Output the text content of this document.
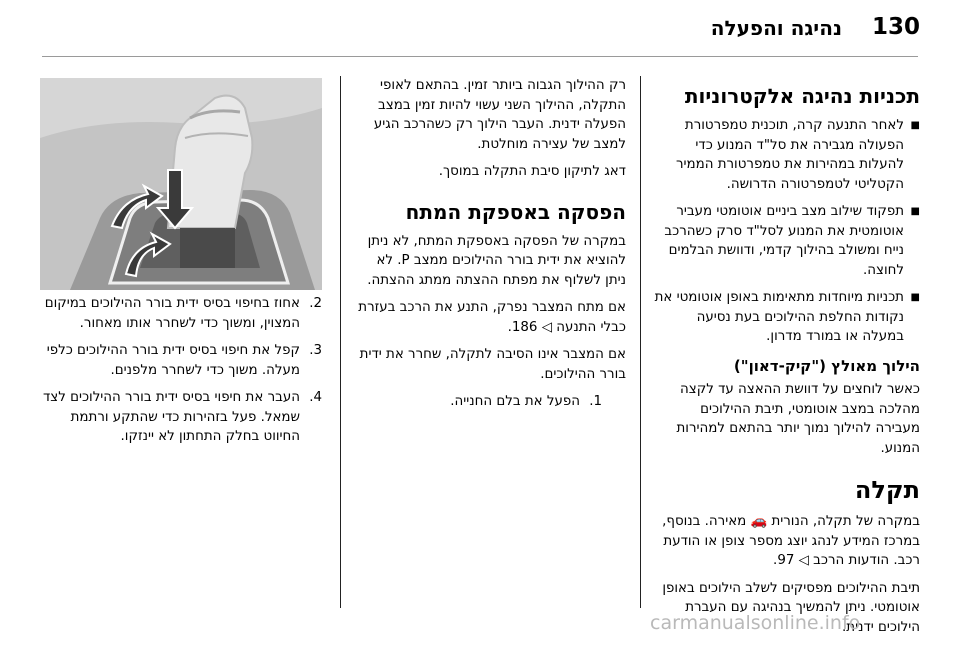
130
נהיגה והפעלה
תכניות נהיגה אלקטרוניות
■ לאחר התנעה קרה, תוכנית טמפרטורת הפעולה מגבירה את סל"ד המנוע כדי להעלות במהירות את טמפרטורת הממיר הקטליטי לטמפרטורה הדרושה.
■ תפקוד שילוב מצב ביניים אוטומטי מעביר אוטומטית את המנוע לסל"ד סרק כשהרכב נייח ומשולב בהילוך קדמי, ודוושת הבלמים לחוצה.
■ תכניות מיוחדות מתאימות באופן אוטומטי את נקודות החלפת ההילוכים בעת נסיעה במעלה או במורד מדרון.
הילוך מאולץ ("קיק-דאון")

כאשר לוחצים על דוושת ההאצה עד לקצה מהלכה במצב אוטומטי, תיבת ההילוכים מעבירה להילוך נמוך יותר בהתאם למהירות המנוע.

תקלה

במקרה של תקלה, הנורית 🚗 מאירה. בנוסף, במרכז המידע לנהג יוצג מספר צופן או הודעת רכב. הודעות הרכב ◁ 97.

תיבת ההילוכים מפסיקים לשלב הילוכים באופן אוטומטי. ניתן להמשיך בנהיגה עם העברת הילוכים ידנית.

רק ההילוך הגבוה ביותר זמין. בהתאם לאופי התקלה, ההילוך השני עשוי להיות זמין במצב הפעלה ידנית. העבר הילוך רק כשהרכב הגיע למצב של עצירה מוחלטת.

דאג לתיקון סיבת התקלה במוסך.

הפסקה באספקת המתח

במקרה של הפסקה באספקת המתח, לא ניתן להוציא את ידית בורר ההילוכים ממצב P. לא ניתן לשלוף את מפתח ההצתה ממתג ההצתה.

אם מתח המצבר נפרק, התנע את הרכב בעזרת כבלי התנעה ◁ 186.

אם המצבר אינו הסיבה לתקלה, שחרר את ידית בורר ההילוכים.

1.
הפעל את בלם החנייה.
2.
אחוז בחיפוי בסיס ידית בורר ההילוכים במיקום המצוין, ומשוך כדי לשחרר אותו מאחור.
3.
קפל את חיפוי בסיס ידית בורר ההילוכים כלפי מעלה. משוך כדי לשחרר מלפנים.
4.
העבר את חיפוי בסיס ידית בורר ההילוכים לצד שמאל. פעל בזהירות כדי שהתקע ורתמת החיווט בחלק התחתון לא יינזקו.
carmanualsonline.info
